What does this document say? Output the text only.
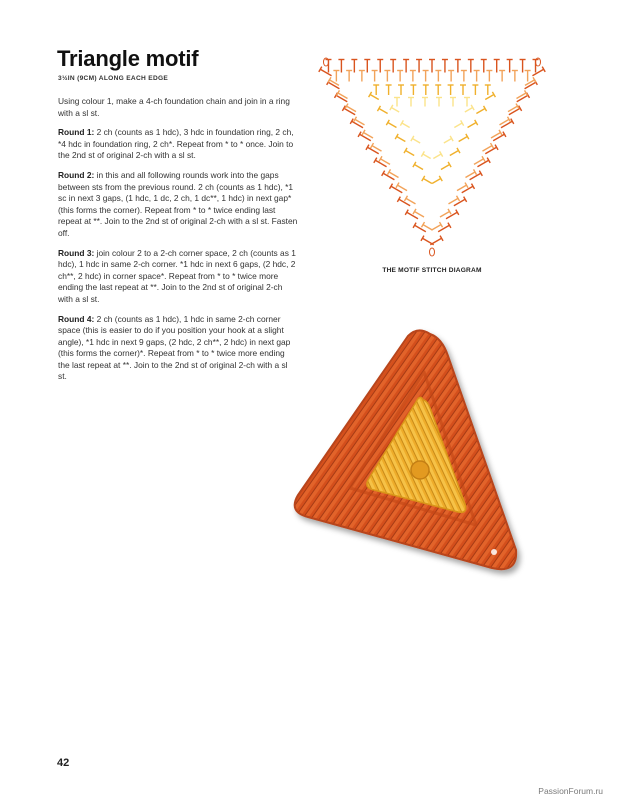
Triangle motif
3½IN (9CM) ALONG EACH EDGE

Using colour 1, make a 4-ch foundation chain and join in a ring with a sl st.

Round 1: 2 ch (counts as 1 hdc), 3 hdc in foundation ring, 2 ch, *4 hdc in foundation ring, 2 ch*. Repeat from * to * once. Join to the 2nd st of original 2-ch with a sl st.

Round 2: in this and all following rounds work into the gaps between sts from the previous round. 2 ch (counts as 1 hdc), *1 sc in next 3 gaps, (1 hdc, 1 dc, 2 ch, 1 dc**, 1 hdc) in next gap* (this forms the corner). Repeat from * to * twice ending last repeat at **. Join to the 2nd st of original 2-ch with a sl st. Fasten off.

Round 3: join colour 2 to a 2-ch corner space, 2 ch (counts as 1 hdc), 1 hdc in same 2-ch corner. *1 hdc in next 6 gaps, (2 hdc, 2 ch**, 2 hdc) in corner space*. Repeat from * to * twice more ending the last repeat at **. Join to the 2nd st of original 2-ch with a sl st.

Round 4: 2 ch (counts as 1 hdc), 1 hdc in same 2-ch corner space (this is easier to do if you position your hook at a slight angle), *1 hdc in next 9 gaps, (2 hdc, 2 ch**, 2 hdc) in next gap (this forms the corner)*. Repeat from * to * twice more ending the last repeat at **. Join to the 2nd st of original 2-ch with a sl st.

THE MOTIF STITCH DIAGRAM
42
PassionForum.ru
